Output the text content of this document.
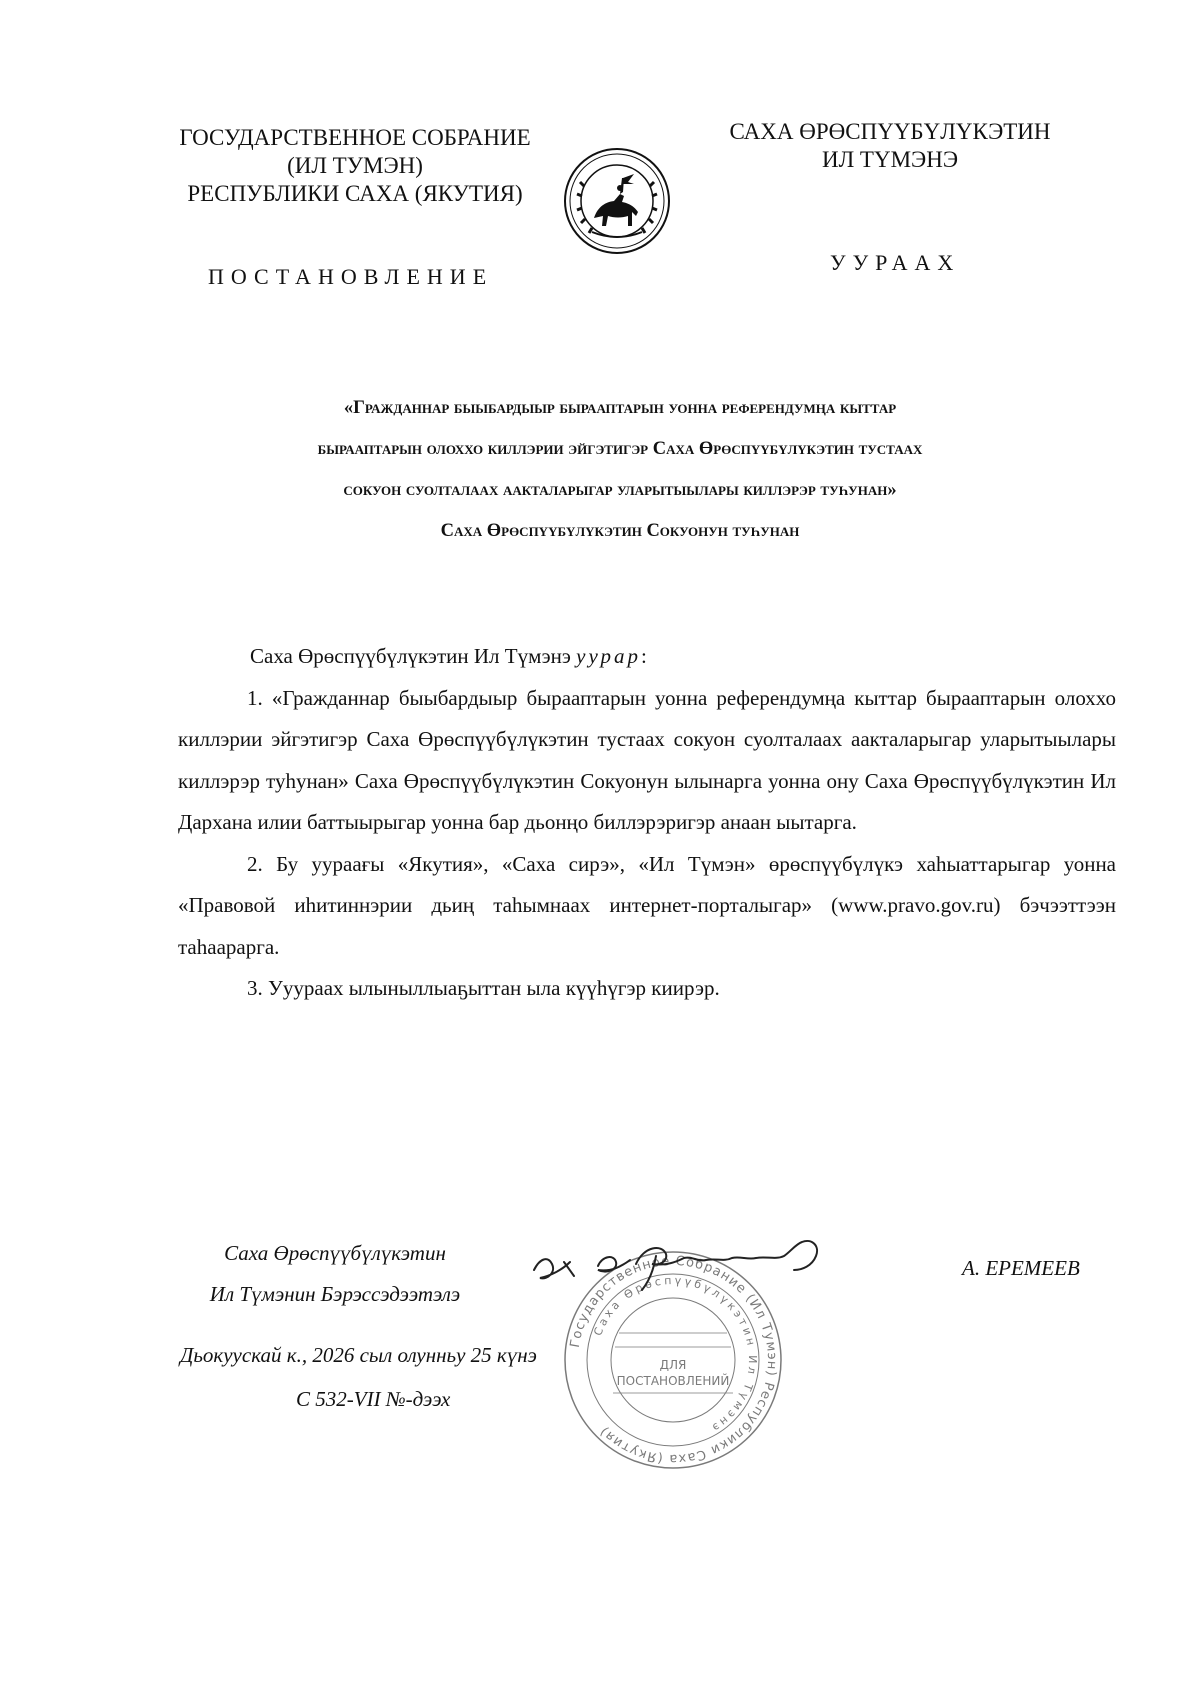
ГОСУДАРСТВЕННОЕ СОБРАНИЕ
(ИЛ ТУМЭН)
РЕСПУБЛИКИ САХА (ЯКУТИЯ)
САХА ӨРӨСПҮҮБҮЛҮКЭТИН
ИЛ ТҮМЭНЭ
ПОСТАНОВЛЕНИЕ
УУРААХ
«Гражданнар быыбардыыр бырааптарын уонна референдумңа кыттар
бырааптарын олоххо киллэрии эйгэтигэр Саха Өрөспүүбүлүкэтин тустаах
сокуон суолталаах аакталарыгар уларытыылары киллэрэр туһунан»
Саха Өрөспүүбүлүкэтин Сокуонун туһунан

Саха Өрөспүүбүлүкэтин Ил Түмэнэ уурар:

1. «Гражданнар быыбардыыр бырааптарын уонна референдумңа кыттар бырааптарын олоххо киллэрии эйгэтигэр Саха Өрөспүүбүлүкэтин тустаах сокуон суолталаах аакталарыгар уларытыылары киллэрэр туһунан» Саха Өрөспүүбүлүкэтин Сокуонун ылынарга уонна ону Саха Өрөспүүбүлүкэтин Ил Дархана илии баттыырыгар уонна бар дьонңо биллэрэригэр анаан ыытарга.

2. Бу уураағы «Якутия», «Саха сирэ», «Ил Түмэн» өрөспүүбүлүкэ хаһыаттарыгар уонна «Правовой иһитиннэрии дьиң таһымнаах интернет-порталыгар» (www.pravo.gov.ru) бэчээттээн таһаарарга.

3. Ууураах ылыныллыаҕыттан ыла күүһүгэр киирэр.

Саха Өрөспүүбүлүкэтин
Ил Түмэнин Бэрэссэдээтэлэ
А. ЕРЕМЕЕВ
Дьокуускай к., 2026 сыл олунньу 25 күнэ
С 532-VII №-дээх
Государственное Собрание (Ил Тумэн) Республики Саха (Якутия)
Саха Өрөспүүбүлүкэтин Ил Түмэнэ
ДЛЯ
ПОСТАНОВЛЕНИЙ
